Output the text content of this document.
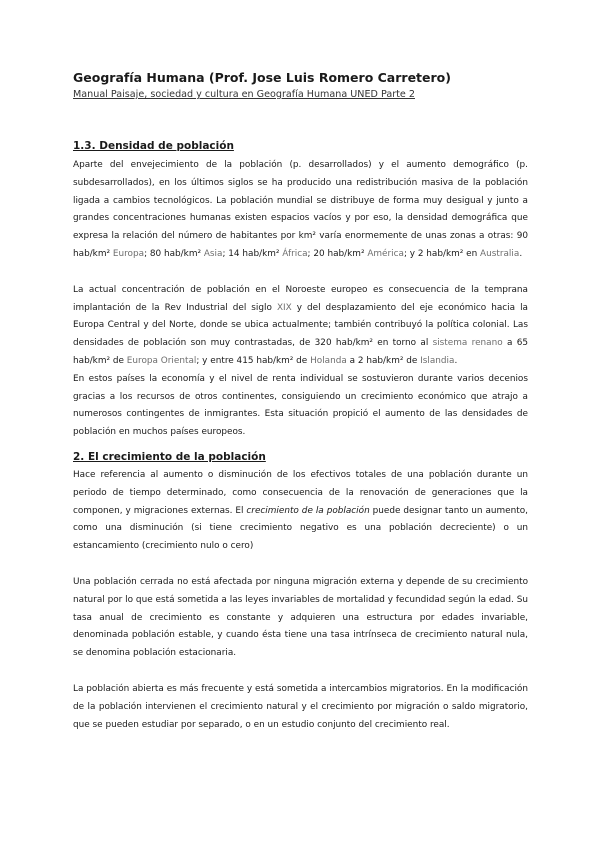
Geografía Humana (Prof. Jose Luis Romero Carretero)

Manual Paisaje, sociedad y cultura en Geografía Humana UNED Parte 2

1.3. Densidad de población

Aparte del envejecimiento de la población (p. desarrollados) y el aumento demográfico (p. subdesarrollados), en los últimos siglos se ha producido una redistribución masiva de la población ligada a cambios tecnológicos. La población mundial se distribuye de forma muy desigual y junto a grandes concentraciones humanas existen espacios vacíos y por eso, la densidad demográfica que expresa la relación del número de habitantes por km² varía enormemente de unas zonas a otras: 90 hab/km² Europa; 80 hab/km² Asia; 14 hab/km² África; 20 hab/km² América; y 2 hab/km² en Australia.

La actual concentración de población en el Noroeste europeo es consecuencia de la temprana implantación de la Rev Industrial del siglo XIX y del desplazamiento del eje económico hacia la Europa Central y del Norte, donde se ubica actualmente; también contribuyó la política colonial. Las densidades de población son muy contrastadas, de 320 hab/km² en torno al sistema renano a 65 hab/km² de Europa Oriental; y entre 415 hab/km² de Holanda a 2 hab/km² de Islandia.

En estos países la economía y el nivel de renta individual se sostuvieron durante varios decenios gracias a los recursos de otros continentes, consiguiendo un crecimiento económico que atrajo a numerosos contingentes de inmigrantes. Esta situación propició el aumento de las densidades de población en muchos países europeos.

2. El crecimiento de la población

Hace referencia al aumento o disminución de los efectivos totales de una población durante un periodo de tiempo determinado, como consecuencia de la renovación de generaciones que la componen, y migraciones externas. El crecimiento de la población puede designar tanto un aumento, como una disminución (si tiene crecimiento negativo es una población decreciente) o un estancamiento (crecimiento nulo o cero)

Una población cerrada no está afectada por ninguna migración externa y depende de su crecimiento natural por lo que está sometida a las leyes invariables de mortalidad y fecundidad según la edad. Su tasa anual de crecimiento es constante y adquieren una estructura por edades invariable, denominada población estable, y cuando ésta tiene una tasa intrínseca de crecimiento natural nula, se denomina población estacionaria.

La población abierta es más frecuente y está sometida a intercambios migratorios. En la modificación de la población intervienen el crecimiento natural y el crecimiento por migración o saldo migratorio, que se pueden estudiar por separado, o en un estudio conjunto del crecimiento real.
